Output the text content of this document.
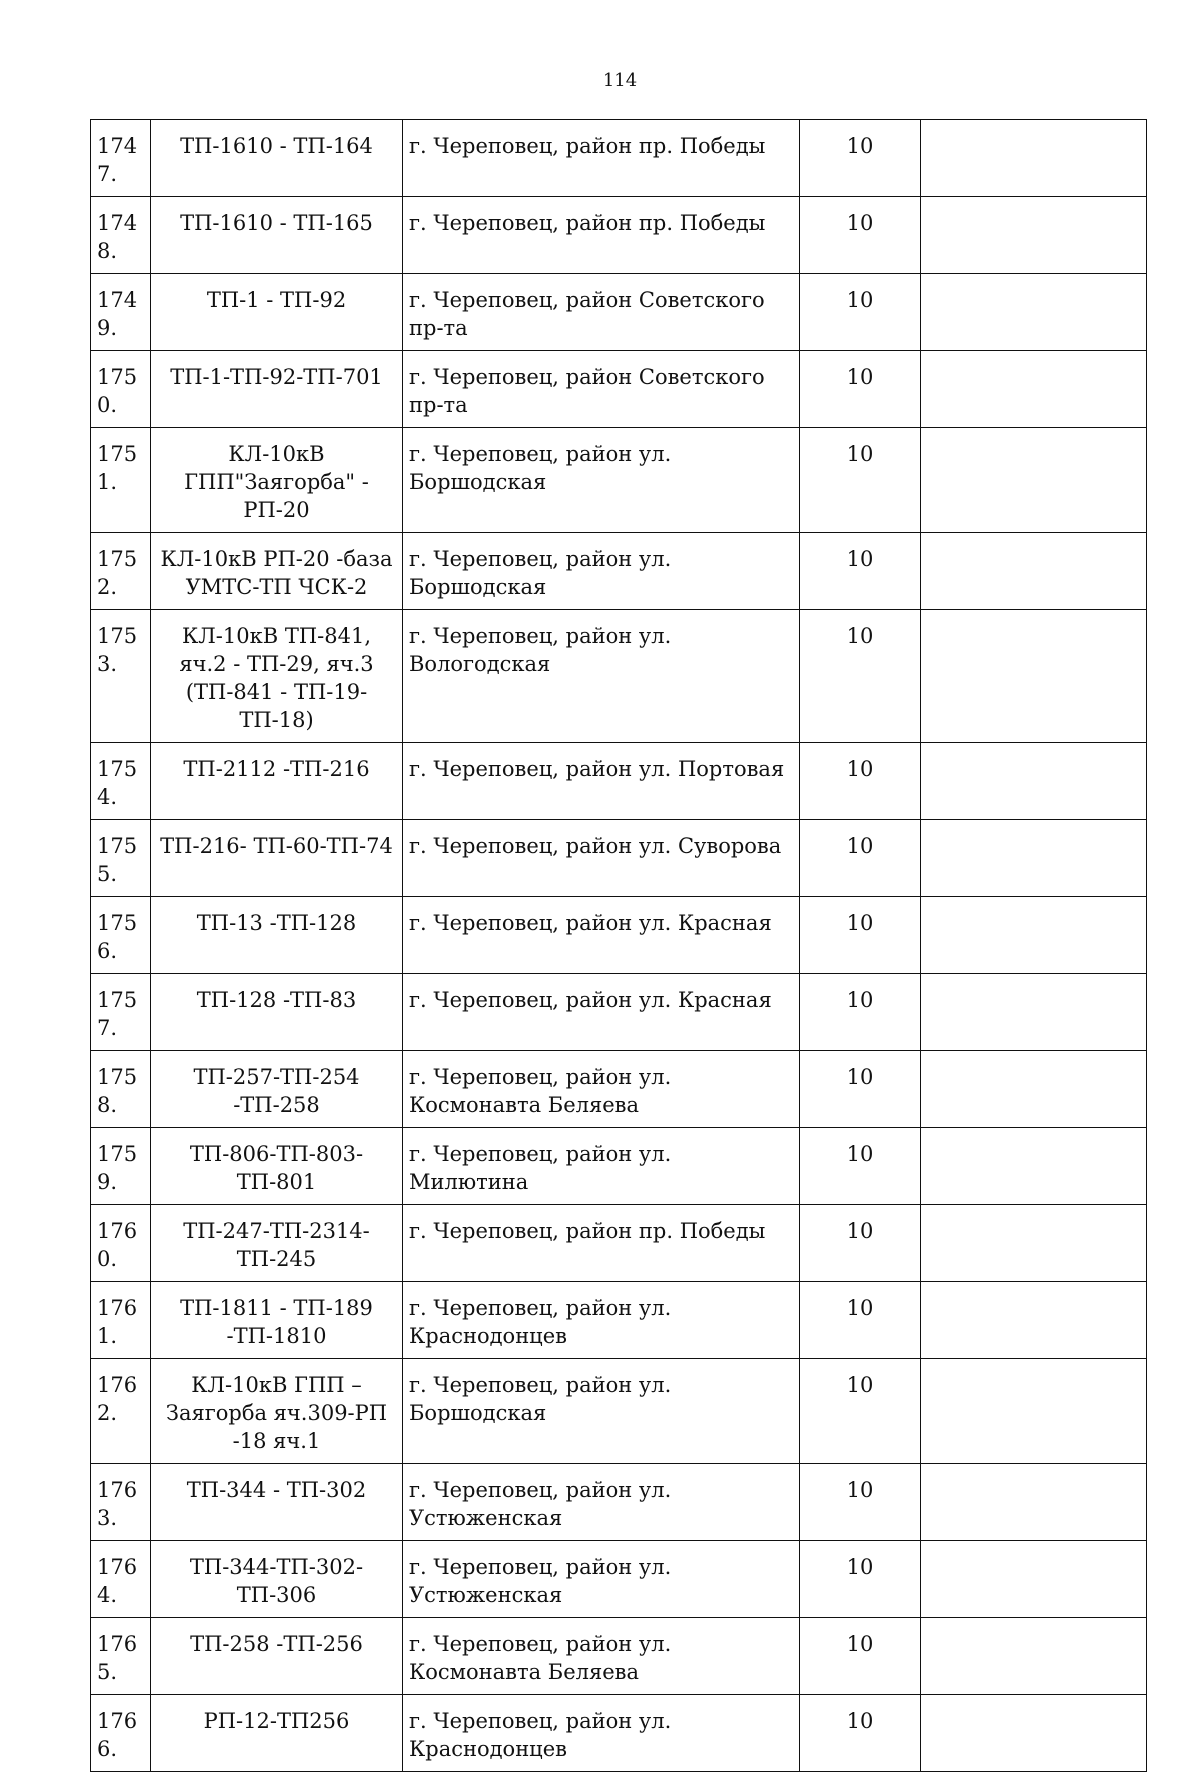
114
1747.	ТП-1610 - ТП-164	г. Череповец, район пр. Победы	10	
1748.	ТП-1610 - ТП-165	г. Череповец, район пр. Победы	10	
1749.	ТП-1 - ТП-92	г. Череповец, район Советского пр-та	10	
1750.	ТП-1-ТП-92-ТП-701	г. Череповец, район Советского пр-та	10	
1751.	КЛ-10кВ ГПП"Заягорба" - РП-20	г. Череповец, район ул. Боршодская	10	
1752.	КЛ-10кВ РП-20 -база УМТС-ТП ЧСК-2	г. Череповец, район ул. Боршодская	10	
1753.	КЛ-10кВ ТП-841, яч.2 - ТП-29, яч.3 (ТП-841 - ТП-19-ТП-18)	г. Череповец, район ул. Вологодская	10	
1754.	ТП-2112 -ТП-216	г. Череповец, район ул. Портовая	10	
1755.	ТП-216- ТП-60-ТП-74	г. Череповец, район ул. Суворова	10	
1756.	ТП-13 -ТП-128	г. Череповец, район ул. Красная	10	
1757.	ТП-128 -ТП-83	г. Череповец, район ул. Красная	10	
1758.	ТП-257-ТП-254 -ТП-258	г. Череповец, район ул. Космонавта Беляева	10	
1759.	ТП-806-ТП-803-ТП-801	г. Череповец, район ул. Милютина	10	
1760.	ТП-247-ТП-2314-ТП-245	г. Череповец, район пр. Победы	10	
1761.	ТП-1811 - ТП-189 -ТП-1810	г. Череповец, район ул. Краснодонцев	10	
1762.	КЛ-10кВ ГПП – Заягорба яч.309-РП -18 яч.1	г. Череповец, район ул. Боршодская	10	
1763.	ТП-344 - ТП-302	г. Череповец, район ул. Устюженская	10	
1764.	ТП-344-ТП-302-ТП-306	г. Череповец, район ул. Устюженская	10	
1765.	ТП-258 -ТП-256	г. Череповец, район ул. Космонавта Беляева	10	
1766.	РП-12-ТП256	г. Череповец, район ул. Краснодонцев	10	
